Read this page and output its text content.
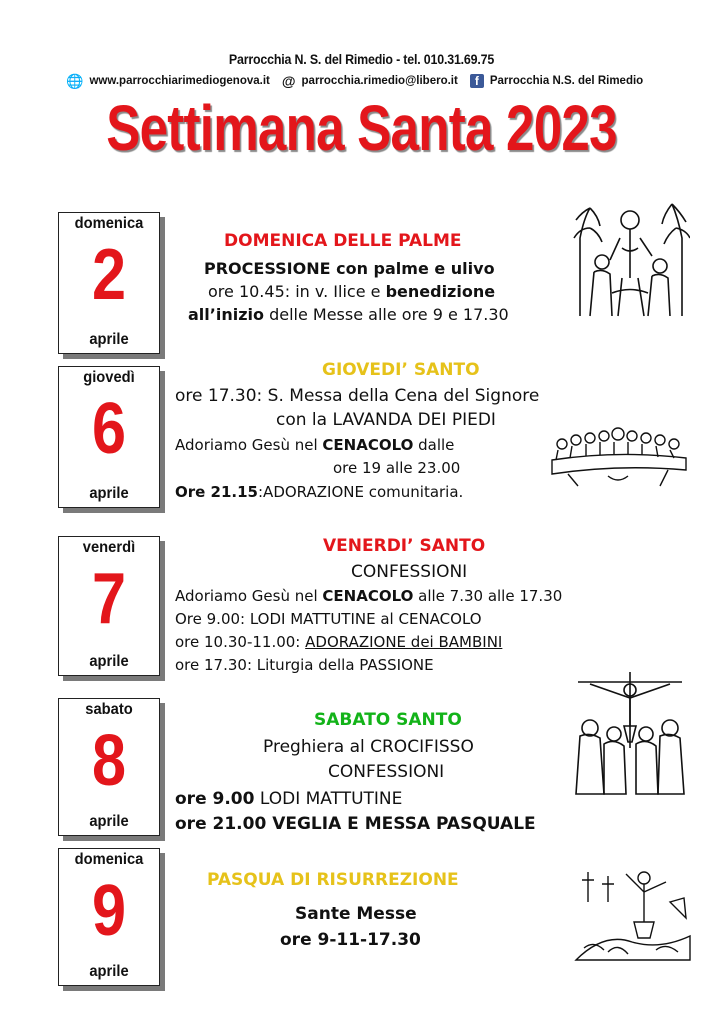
Parrocchia N. S. del Rimedio - tel. 010.31.69.75
🌐 www.parrocchiarimediogenova.it @ parrocchia.rimedio@libero.it	f Parrocchia N.S. del Rimedio
Settimana Santa 2023
domenica
2
aprile
giovedì
6
aprile
venerdì
7
aprile
sabato
8
aprile
domenica
9
aprile
DOMENICA DELLE PALME
PROCESSIONE con palme e ulivo
ore 10.45: in v. Ilice e benedizione
all’inizio delle Messe alle ore 9 e 17.30
GIOVEDI’ SANTO
ore 17.30: S. Messa della Cena del Signore
con la LAVANDA DEI PIEDI
Adoriamo Gesù nel CENACOLO dalle
ore 19 alle 23.00
Ore 21.15:ADORAZIONE comunitaria.
VENERDI’ SANTO
CONFESSIONI
Adoriamo Gesù nel CENACOLO alle 7.30 alle 17.30
Ore 9.00: LODI MATTUTINE al CENACOLO
ore 10.30-11.00: ADORAZIONE dei BAMBINI
ore 17.30: Liturgia della PASSIONE
SABATO SANTO
Preghiera al CROCIFISSO
CONFESSIONI
ore 9.00 LODI MATTUTINE
ore 21.00 VEGLIA E MESSA PASQUALE
PASQUA DI RISURREZIONE
Sante Messe
ore 9-11-17.30
